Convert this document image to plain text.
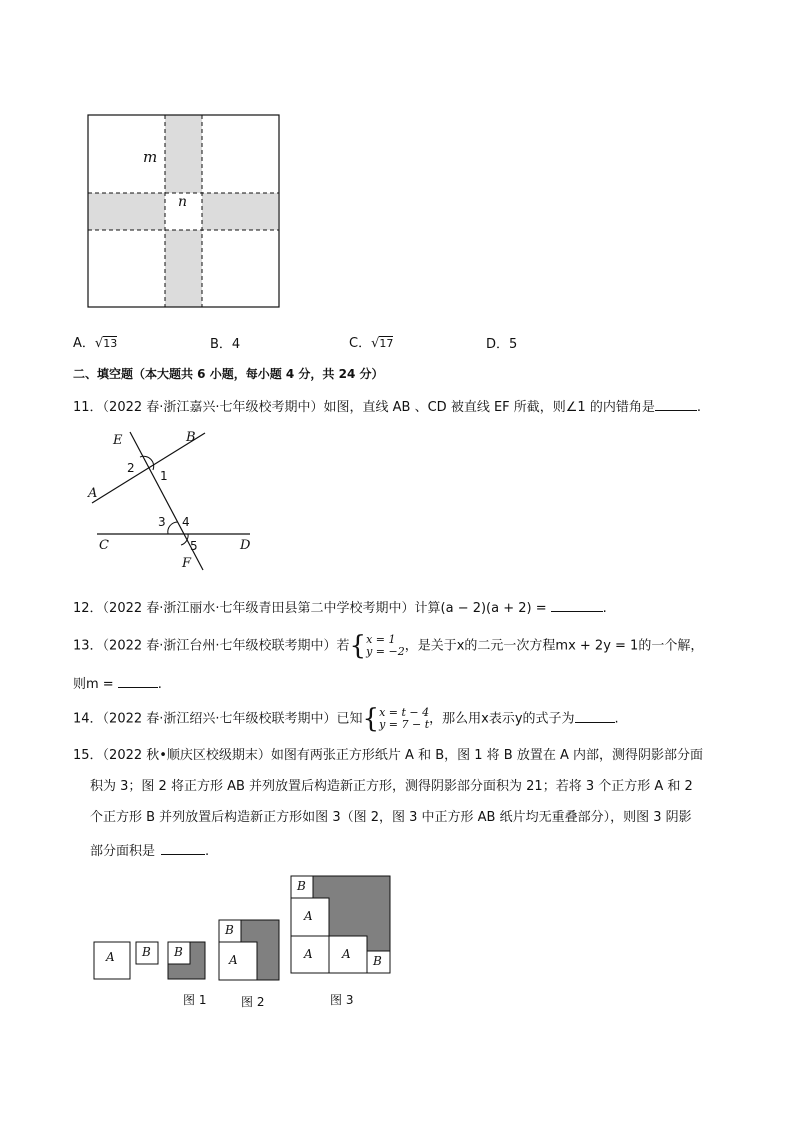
m
n
A．√13	B．4	C．√17	D．5
二、填空题（本大题共 6 小题，每小题 4 分，共 24 分）
11．（2022 春·浙江嘉兴·七年级校考期中）如图，直线 AB 、CD 被直线 EF 所截，则∠1 的内错角是	.
E	B
A
C	D
F
1
2
3 4
5
12．（2022 春·浙江丽水·七年级青田县第二中学校考期中）计算(a − 2)(a + 2) =	.
13．（2022 春·浙江台州·七年级校联考期中）若{ x = 1
y = −2 ，是关于x的二元一次方程mx + 2y = 1的一个解，
则m =	.
14．（2022 春·浙江绍兴·七年级校联考期中）已知{ x = t − 4
y = 7 − t ，那么用x表示y的式子为	.
15．（2022 秋•顺庆区校级期末）如图有两张正方形纸片 A 和 B，图 1 将 B 放置在 A 内部，测得阴影部分面
积为 3；图 2 将正方形 AB 并列放置后构造新正方形，测得阴影部分面积为 21；若将 3 个正方形 A 和 2
个正方形 B 并列放置后构造新正方形如图 3（图 2，图 3 中正方形 AB 纸片均无重叠部分），则图 3 阴影
部分面积是	.
A B B
B
A
B
A
A A B
图 1	图 2	图 3
